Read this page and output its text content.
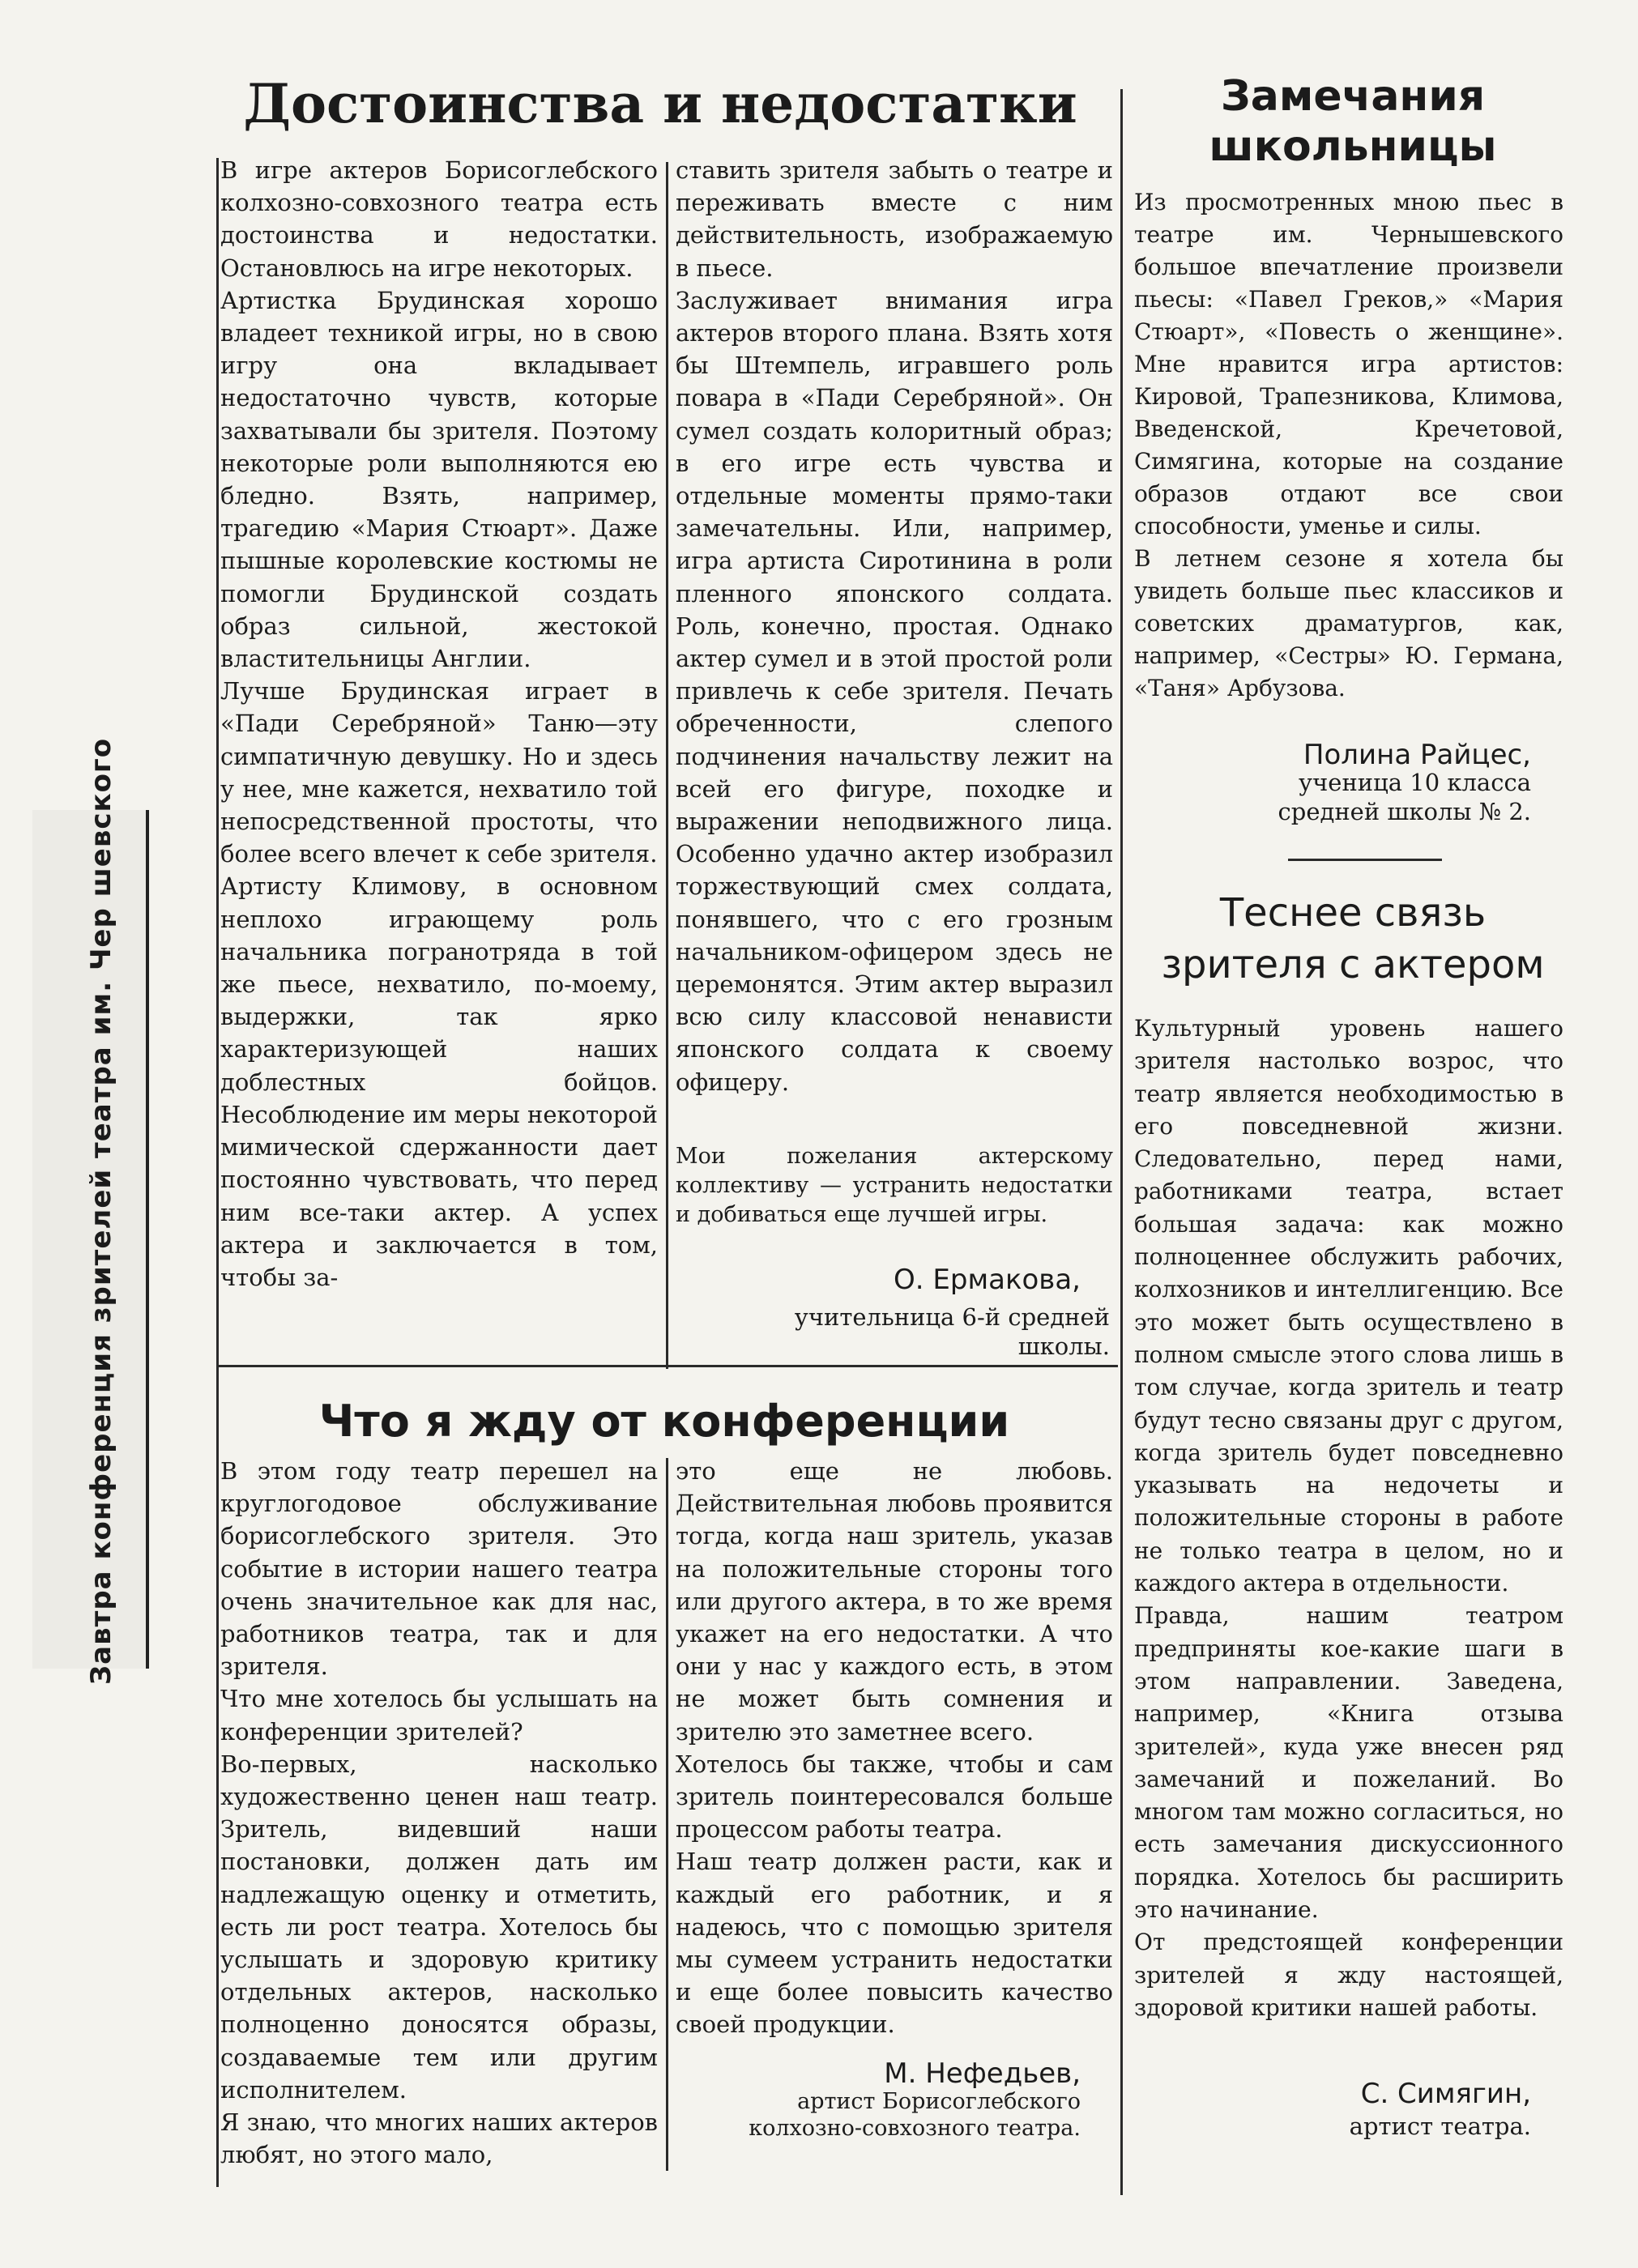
Завтра конференция зрителей театра им. Чер шевского
Достоинства и недостатки
В игре актеров Борисоглебского колхозно-совхозного театра есть достоинства и недостатки. Остановлюсь на игре некоторых.
Артистка Брудинская хорошо владеет техникой игры, но в свою игру она вкладывает недостаточно чувств, которые захватывали бы зрителя. Поэтому некоторые роли выполняются ею бледно. Взять, например, трагедию «Мария Стюарт». Даже пышные королевские костюмы не помогли Брудинской создать образ сильной, жестокой властительницы Англии.
Лучше Брудинская играет в «Пади Серебряной» Таню—эту симпатичную девушку. Но и здесь у нее, мне кажется, нехватило той непосредственной простоты, что более всего влечет к себе зрителя.
Артисту Климову, в основном неплохо играющему роль начальника погранотряда в той же пьесе, нехватило, по-моему, выдержки, так ярко характеризующей наших доблестных бойцов. Несоблюдение им меры некоторой мимической сдержанности дает постоянно чувствовать, что перед ним все-таки актер. А успех актера и заключается в том, чтобы за-
ставить зрителя забыть о театре и переживать вместе с ним действительность, изображаемую в пьесе.
Заслуживает внимания игра актеров второго плана. Взять хотя бы Штемпель, игравшего роль повара в «Пади Серебряной». Он сумел создать колоритный образ; в его игре есть чувства и отдельные моменты прямо-таки замечательны. Или, например, игра артиста Сиротинина в роли пленного японского солдата. Роль, конечно, простая. Однако актер сумел и в этой простой роли привлечь к себе зрителя. Печать обреченности, слепого подчинения начальству лежит на всей его фигуре, походке и выражении неподвижного лица. Особенно удачно актер изобразил торжествующий смех солдата, понявшего, что с его грозным начальником-офицером здесь не церемонятся. Этим актер выразил всю силу классовой ненависти японского солдата к своему офицеру.
Мои пожелания актерскому коллективу — устранить недостатки и добиваться еще лучшей игры.
О. Ермакова,
учительница 6-й средней школы.
Замечания школьницы
Из просмотренных мною пьес в театре им. Чернышевского большое впечатление произвели пьесы: «Павел Греков,» «Мария Стюарт», «Повесть о женщине». Мне нравится игра артистов: Кировой, Трапезникова, Климова, Введенской, Кречетовой, Симягина, которые на создание образов отдают все свои способности, уменье и силы.
В летнем сезоне я хотела бы увидеть больше пьес классиков и советских драматургов, как, например, «Сестры» Ю. Германа, «Таня» Арбузова.
Полина Райцес,
ученица 10 класса
средней школы № 2.
Теснее связь
зрителя с актером
Культурный уровень нашего зрителя настолько возрос, что театр является необходимостью в его повседневной жизни. Следовательно, перед нами, работниками театра, встает большая задача: как можно полноценнее обслужить рабочих, колхозников и интеллигенцию. Все это может быть осуществлено в полном смысле этого слова лишь в том случае, когда зритель и театр будут тесно связаны друг с другом, когда зритель будет повседневно указывать на недочеты и положительные стороны в работе не только театра в целом, но и каждого актера в отдельности.
Правда, нашим театром предприняты кое-какие шаги в этом направлении. Заведена, например, «Книга отзыва зрителей», куда уже внесен ряд замечаний и пожеланий. Во многом там можно согласиться, но есть замечания дискуссионного порядка. Хотелось бы расширить это начинание.
От предстоящей конференции зрителей я жду настоящей, здоровой критики нашей работы.
С. Симягин,
артист театра.
Что я жду от конференции
В этом году театр перешел на круглогодовое обслуживание борисоглебского зрителя. Это событие в истории нашего театра очень значительное как для нас, работников театра, так и для зрителя.
Что мне хотелось бы услышать на конференции зрителей?
Во-первых, насколько художественно ценен наш театр. Зритель, видевший наши постановки, должен дать им надлежащую оценку и отметить, есть ли рост театра. Хотелось бы услышать и здоровую критику отдельных актеров, насколько полноценно доносятся образы, создаваемые тем или другим исполнителем.
Я знаю, что многих наших актеров любят, но этого мало,
это еще не любовь. Действительная любовь проявится тогда, когда наш зритель, указав на положительные стороны того или другого актера, в то же время укажет на его недостатки. А что они у нас у каждого есть, в этом не может быть сомнения и зрителю это заметнее всего.
Хотелось бы также, чтобы и сам зритель поинтересовался больше процессом работы театра.
Наш театр должен расти, как и каждый его работник, и я надеюсь, что с помощью зрителя мы сумеем устранить недостатки и еще более повысить качество своей продукции.
М. Нефедьев,
артист Борисоглебского
колхозно-совхозного театра.
